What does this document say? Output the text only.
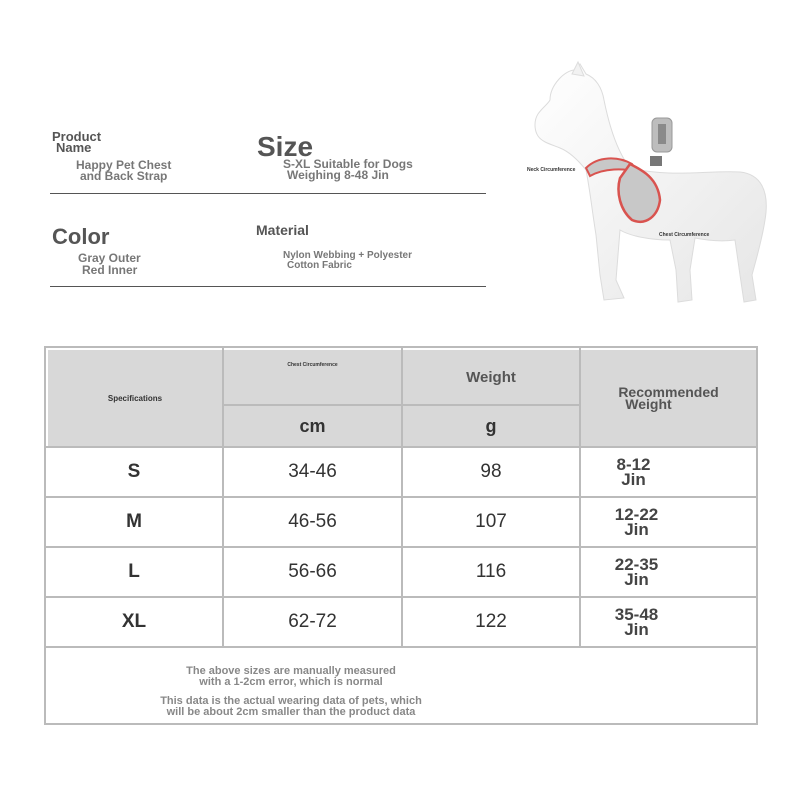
Product
Name
Happy Pet Chest
and Back Strap
Size
S-XL Suitable for Dogs
Weighing 8-48 Jin
Color
Gray Outer
Red Inner
Material
Nylon Webbing + Polyester
Cotton Fabric
Neck Circumference
Chest Circumference
Specifications
Chest Circumference
Weight
Recommended
Weight
cm	g
S	34-46	98	8-12
Jin
M	46-56	107	12-22
Jin
L	56-66	116	22-35
Jin
XL	62-72	122	35-48
Jin
The above sizes are manually measured
with a 1-2cm error, which is normal
This data is the actual wearing data of pets, which
will be about 2cm smaller than the product data
